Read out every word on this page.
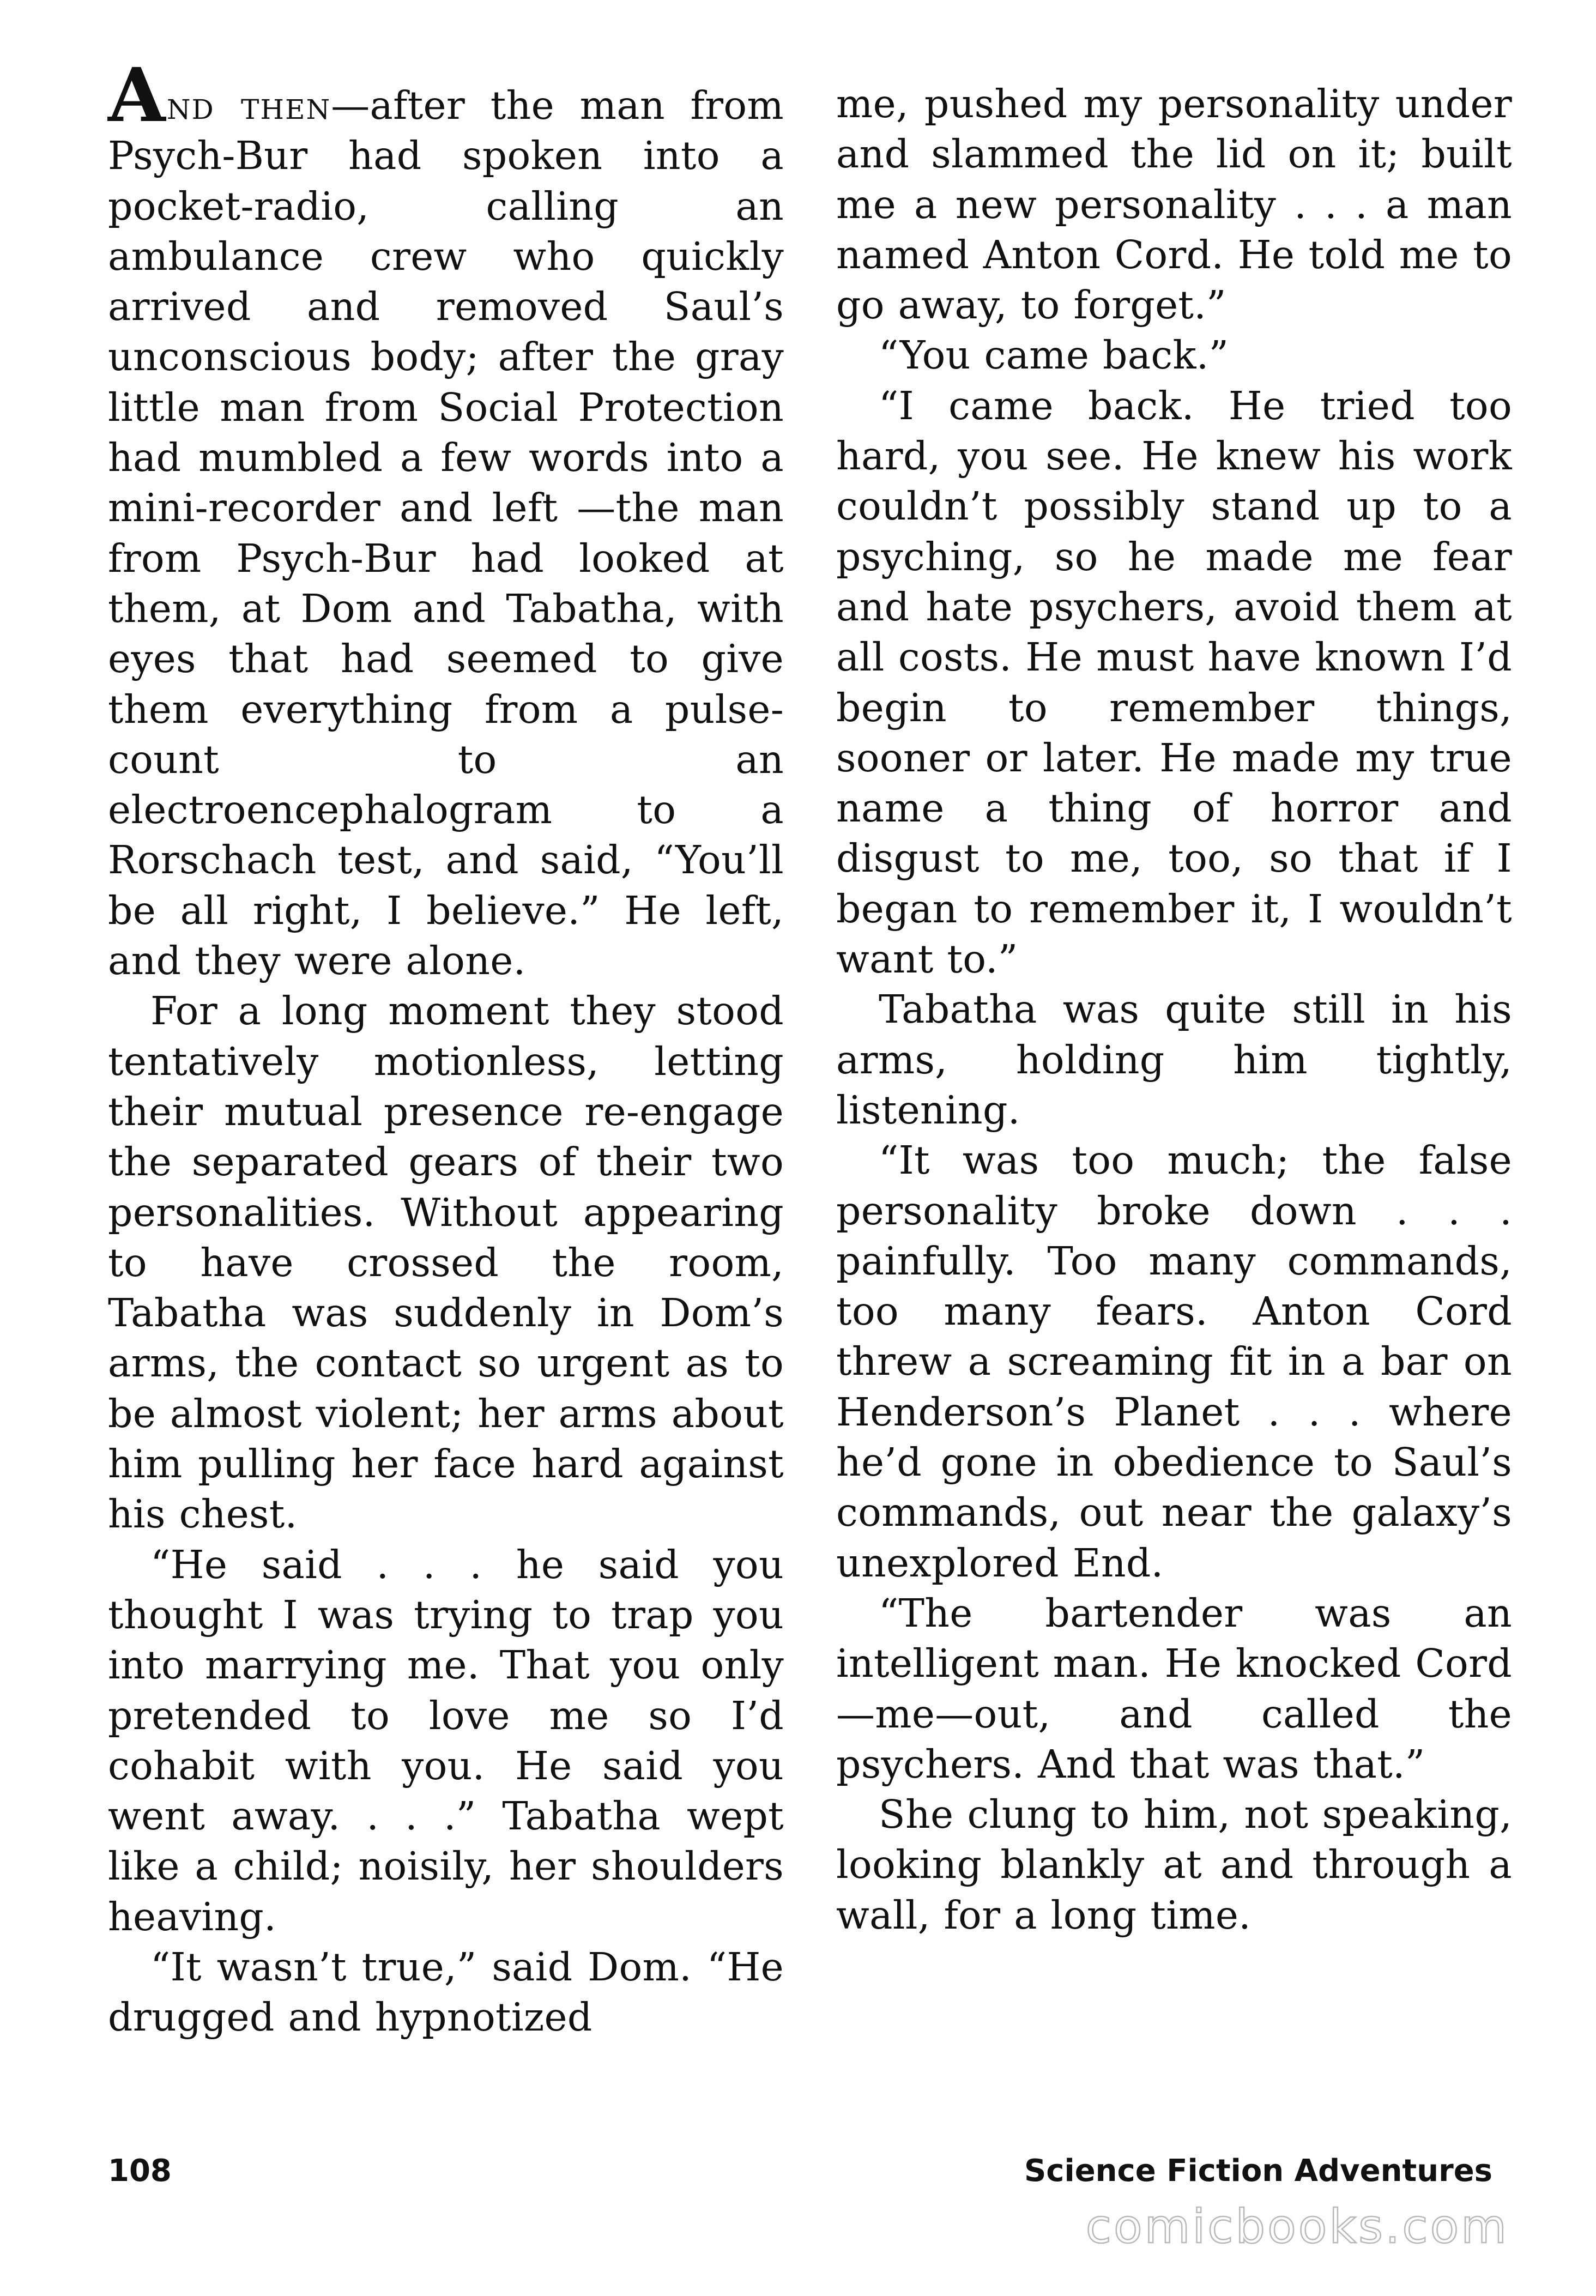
And then—after the man from Psych-Bur had spoken into a pocket-radio, calling an ambulance crew who quickly arrived and removed Saul’s unconscious body; after the gray little man from Social Protection had mumbled a few words into a mini-recorder and left —the man from Psych-Bur had looked at them, at Dom and Tabatha, with eyes that had seemed to give them everything from a pulse-count to an electroencephalogram to a Rorschach test, and said, “You’ll be all right, I believe.” He left, and they were alone.

For a long moment they stood tentatively motionless, letting their mutual presence re-engage the separated gears of their two personalities. Without appearing to have crossed the room, Tabatha was suddenly in Dom’s arms, the contact so urgent as to be almost violent; her arms about him pulling her face hard against his chest.

“He said . . . he said you thought I was trying to trap you into marrying me. That you only pretended to love me so I’d cohabit with you. He said you went away. . . .” Tabatha wept like a child; noisily, her shoulders heaving.

“It wasn’t true,” said Dom. “He drugged and hypnotized

me, pushed my personality under and slammed the lid on it; built me a new personality . . . a man named Anton Cord. He told me to go away, to forget.”

“You came back.”

“I came back. He tried too hard, you see. He knew his work couldn’t possibly stand up to a psyching, so he made me fear and hate psychers, avoid them at all costs. He must have known I’d begin to remember things, sooner or later. He made my true name a thing of horror and disgust to me, too, so that if I began to remember it, I wouldn’t want to.”

Tabatha was quite still in his arms, holding him tightly, listening.

“It was too much; the false personality broke down . . . painfully. Too many commands, too many fears. Anton Cord threw a screaming fit in a bar on Henderson’s Planet . . . where he’d gone in obedience to Saul’s commands, out near the galaxy’s unexplored End.

“The bartender was an intelligent man. He knocked Cord—me—out, and called the psychers. And that was that.”

She clung to him, not speaking, looking blankly at and through a wall, for a long time.

108	Science Fiction Adventures
comicbooks.com
